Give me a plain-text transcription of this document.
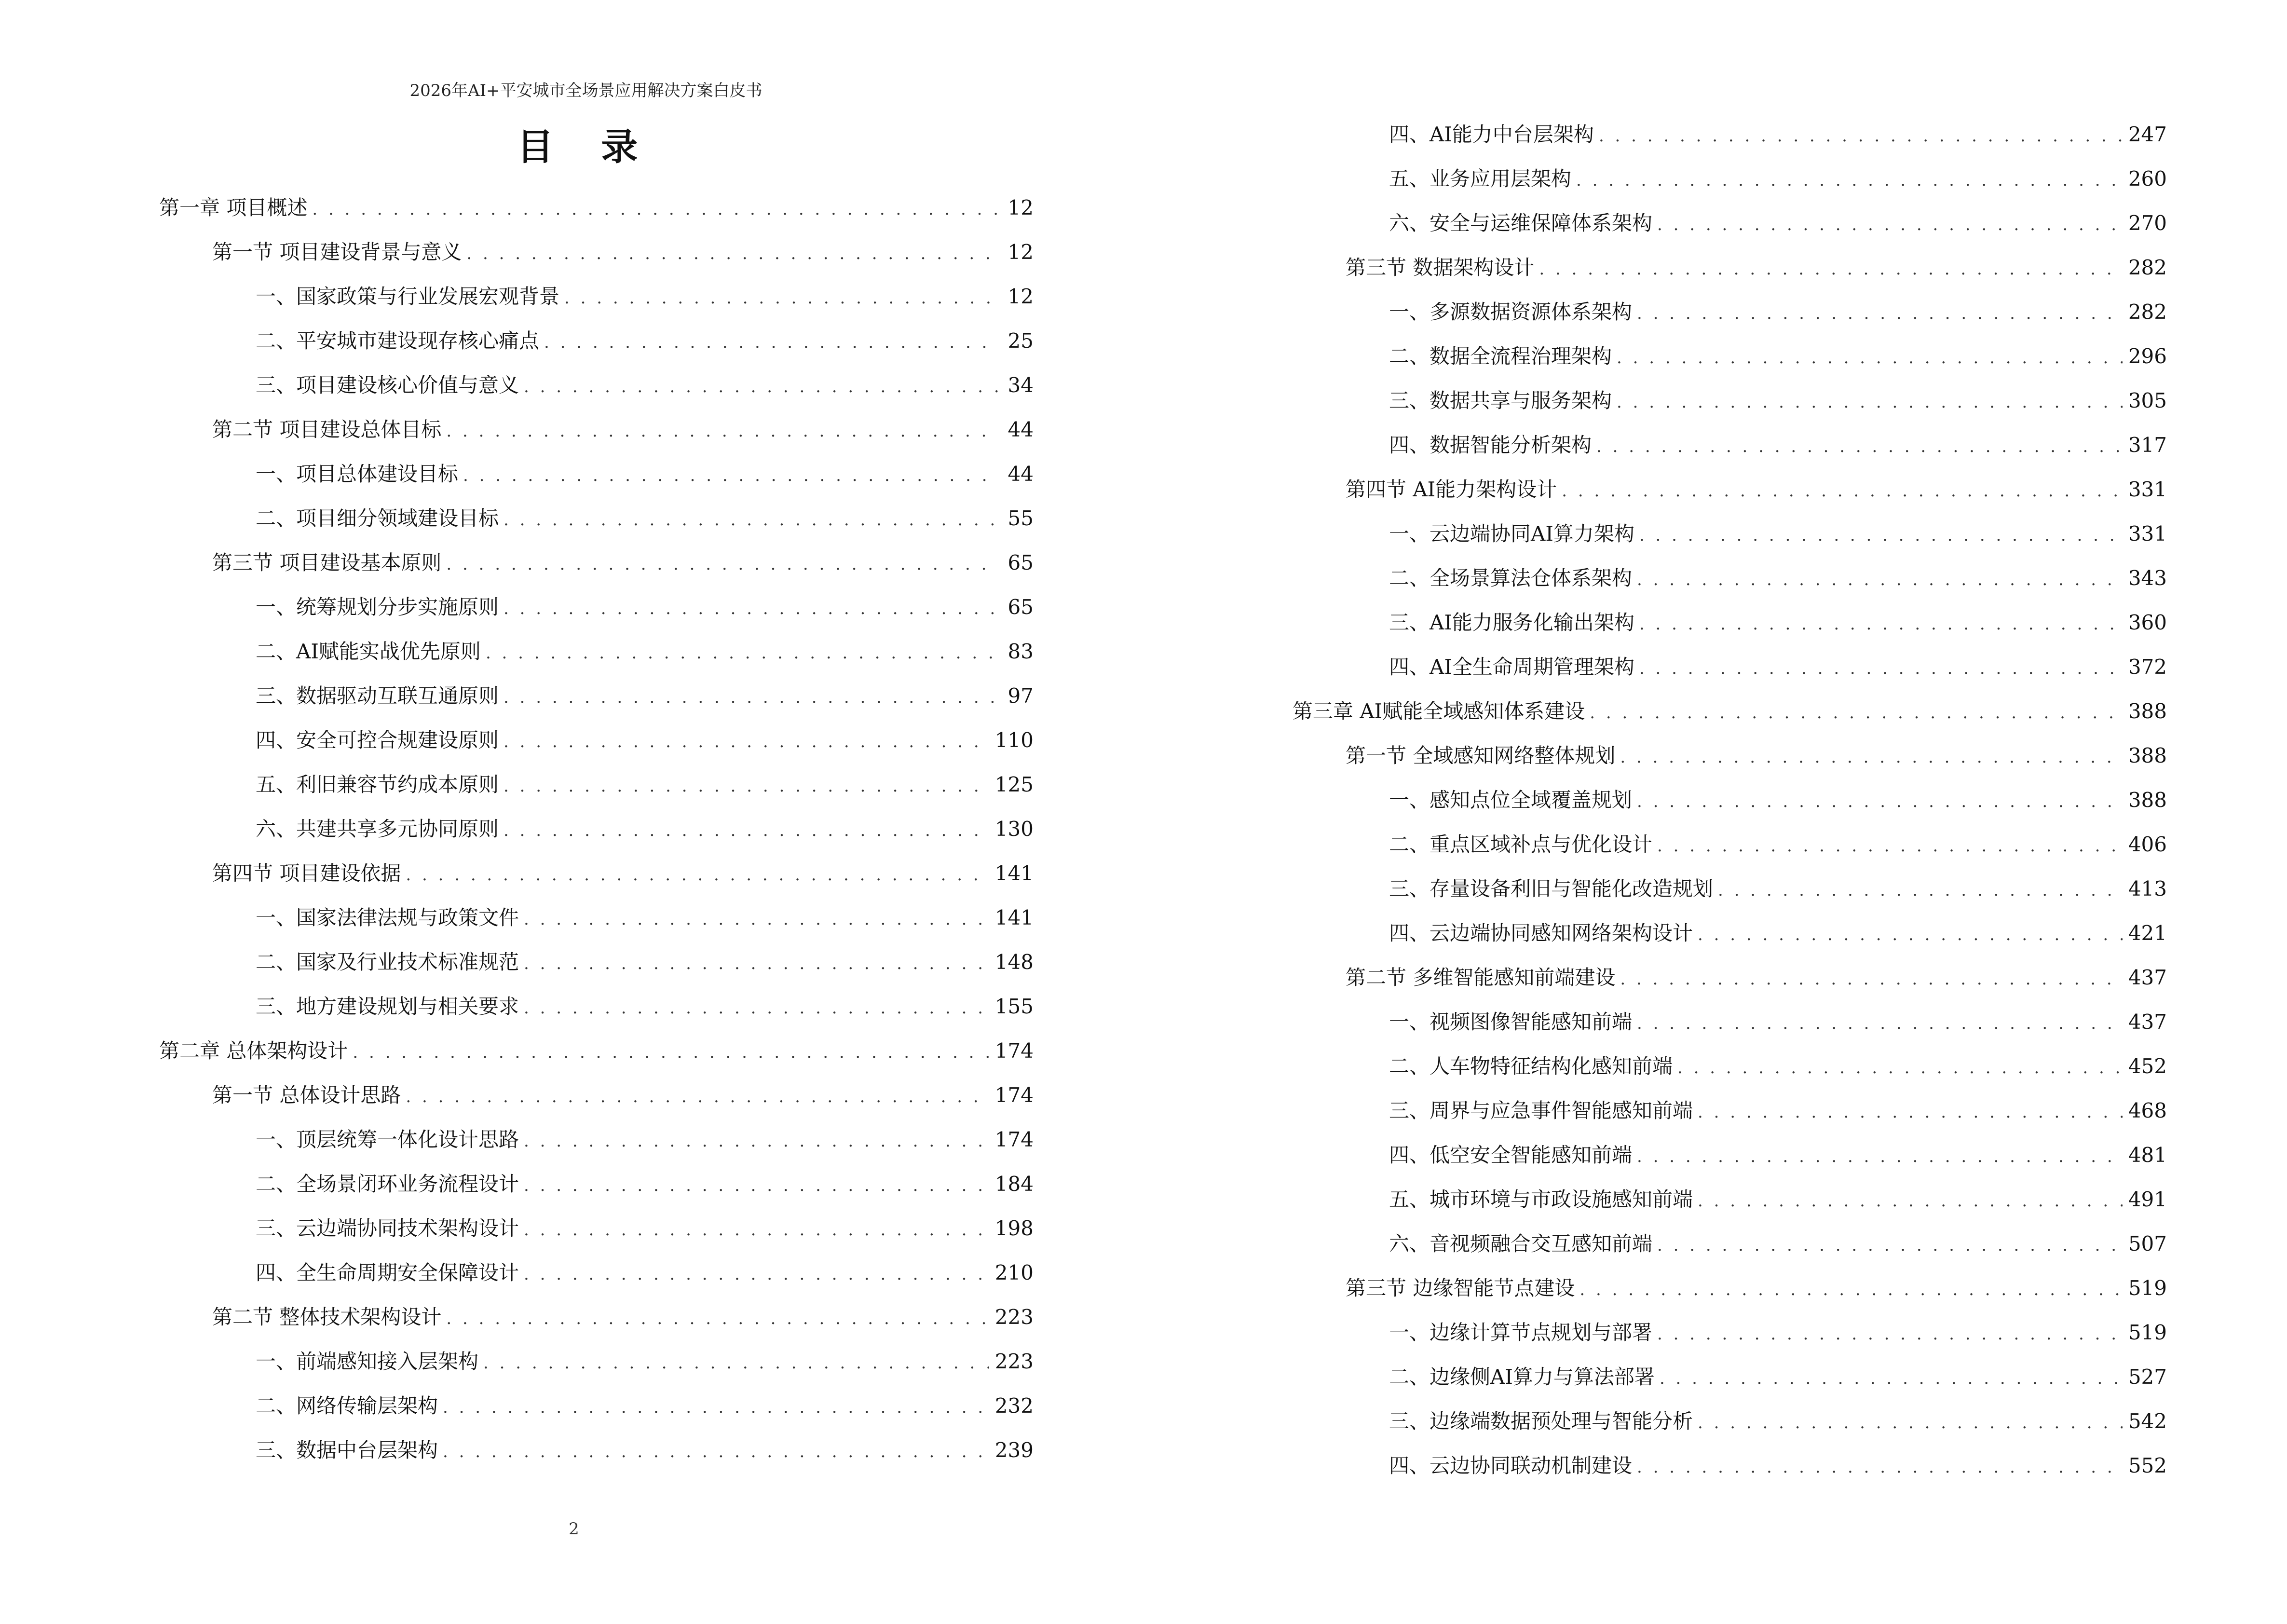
2026年AI+平安城市全场景应用解决方案白皮书
目 录
第一章 项目概述 . . .	12
第一节 项目建设背景与意义 . . .	12
一、国家政策与行业发展宏观背景 . . .	12
二、平安城市建设现存核心痛点 . . .	25
三、项目建设核心价值与意义 . . .	34
第二节 项目建设总体目标 . . .	44
一、项目总体建设目标 . . .	44
二、项目细分领域建设目标 . . .	55
第三节 项目建设基本原则 . . .	65
一、统筹规划分步实施原则 . . .	65
二、AI赋能实战优先原则 . . .	83
三、数据驱动互联互通原则 . . .	97
四、安全可控合规建设原则 . . .	110
五、利旧兼容节约成本原则 . . .	125
六、共建共享多元协同原则 . . .	130
第四节 项目建设依据 . . .	141
一、国家法律法规与政策文件 . . .	141
二、国家及行业技术标准规范 . . .	148
三、地方建设规划与相关要求 . . .	155
第二章 总体架构设计 . . .	174
第一节 总体设计思路 . . .	174
一、顶层统筹一体化设计思路 . . .	174
二、全场景闭环业务流程设计 . . .	184
三、云边端协同技术架构设计 . . .	198
四、全生命周期安全保障设计 . . .	210
第二节 整体技术架构设计 . . .	223
一、前端感知接入层架构 . . .	223
二、网络传输层架构 . . .	232
三、数据中台层架构 . . .	239
2
四、AI能力中台层架构 . . .	247
五、业务应用层架构 . . .	260
六、安全与运维保障体系架构 . . .	270
第三节 数据架构设计 . . .	282
一、多源数据资源体系架构 . . .	282
二、数据全流程治理架构 . . .	296
三、数据共享与服务架构 . . .	305
四、数据智能分析架构 . . .	317
第四节 AI能力架构设计 . . .	331
一、云边端协同AI算力架构 . . .	331
二、全场景算法仓体系架构 . . .	343
三、AI能力服务化输出架构 . . .	360
四、AI全生命周期管理架构 . . .	372
第三章 AI赋能全域感知体系建设 . . .	388
第一节 全域感知网络整体规划 . . .	388
一、感知点位全域覆盖规划 . . .	388
二、重点区域补点与优化设计 . . .	406
三、存量设备利旧与智能化改造规划 . . .	413
四、云边端协同感知网络架构设计 . . .	421
第二节 多维智能感知前端建设 . . .	437
一、视频图像智能感知前端 . . .	437
二、人车物特征结构化感知前端 . . .	452
三、周界与应急事件智能感知前端 . . .	468
四、低空安全智能感知前端 . . .	481
五、城市环境与市政设施感知前端 . . .	491
六、音视频融合交互感知前端 . . .	507
第三节 边缘智能节点建设 . . .	519
一、边缘计算节点规划与部署 . . .	519
二、边缘侧AI算力与算法部署 . . .	527
三、边缘端数据预处理与智能分析 . . .	542
四、云边协同联动机制建设 . . .	552
